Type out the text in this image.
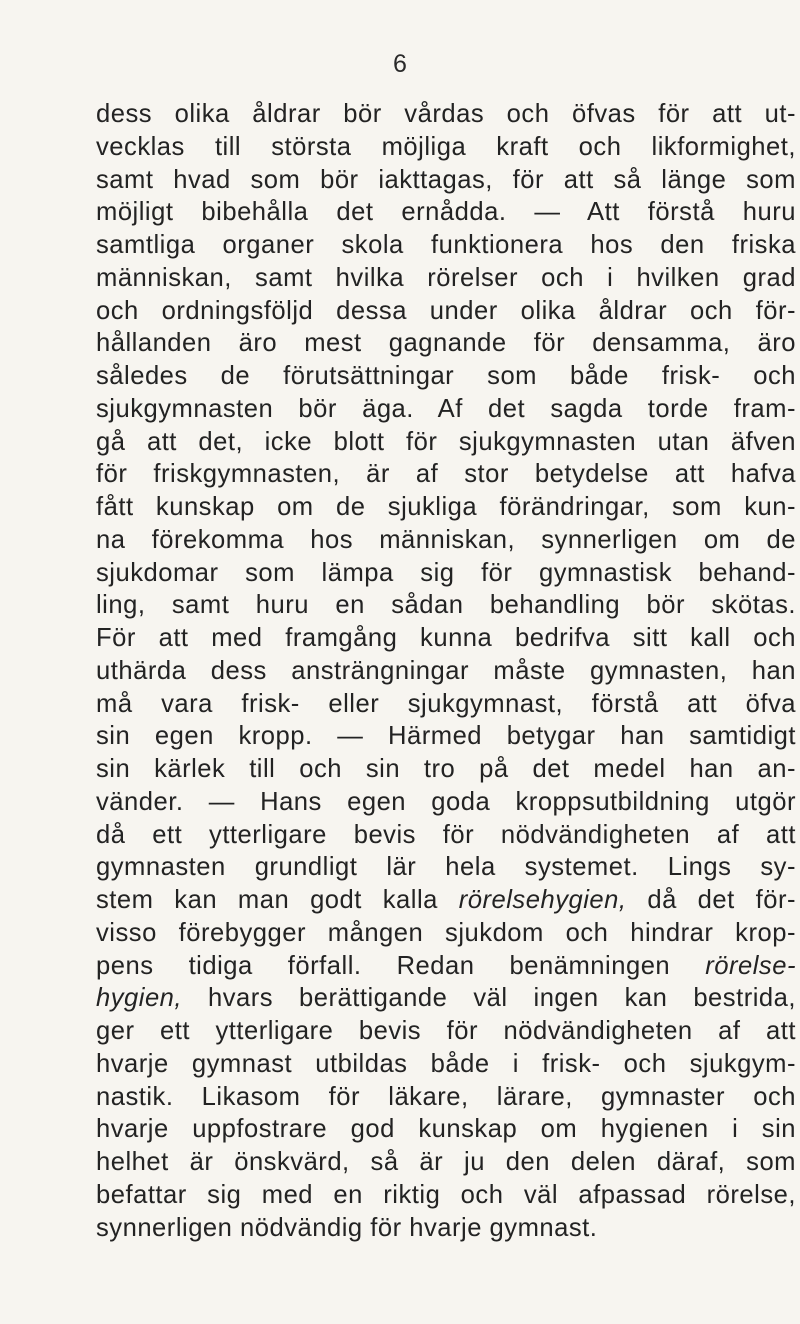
6
dess olika åldrar bör vårdas och öfvas för att ut-
vecklas till största möjliga kraft och likformighet,
samt hvad som bör iakttagas, för att så länge som
möjligt bibehålla det ernådda. — Att förstå huru
samtliga organer skola funktionera hos den friska
människan, samt hvilka rörelser och i hvilken grad
och ordningsföljd dessa under olika åldrar och för-
hållanden äro mest gagnande för densamma, äro
således de förutsättningar som både frisk- och
sjukgymnasten bör äga. Af det sagda torde fram-
gå att det, icke blott för sjukgymnasten utan äfven
för friskgymnasten, är af stor betydelse att hafva
fått kunskap om de sjukliga förändringar, som kun-
na förekomma hos människan, synnerligen om de
sjukdomar som lämpa sig för gymnastisk behand-
ling, samt huru en sådan behandling bör skötas.
För att med framgång kunna bedrifva sitt kall och
uthärda dess ansträngningar måste gymnasten, han
må vara frisk- eller sjukgymnast, förstå att öfva
sin egen kropp. — Härmed betygar han samtidigt
sin kärlek till och sin tro på det medel han an-
vänder. — Hans egen goda kroppsutbildning utgör
då ett ytterligare bevis för nödvändigheten af att
gymnasten grundligt lär hela systemet. Lings sy-
stem kan man godt kalla rörelsehygien, då det för-
visso förebygger mången sjukdom och hindrar krop-
pens tidiga förfall. Redan benämningen rörelse-
hygien, hvars berättigande väl ingen kan bestrida,
ger ett ytterligare bevis för nödvändigheten af att
hvarje gymnast utbildas både i frisk- och sjukgym-
nastik. Likasom för läkare, lärare, gymnaster och
hvarje uppfostrare god kunskap om hygienen i sin
helhet är önskvärd, så är ju den delen däraf, som
befattar sig med en riktig och väl afpassad rörelse,
synnerligen nödvändig för hvarje gymnast.
